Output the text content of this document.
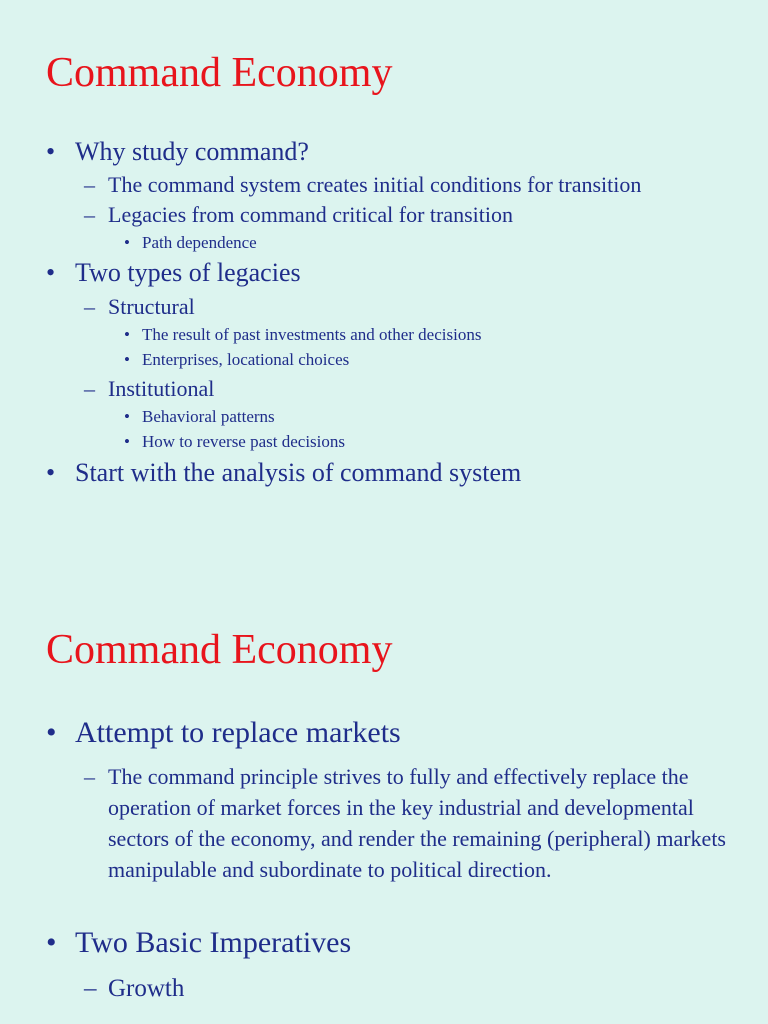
Command Economy
• Why study command?
– The command system creates initial conditions for transition
– Legacies from command critical for transition
• Path dependence
• Two types of legacies
– Structural
• The result of past investments and other decisions
• Enterprises, locational choices
– Institutional
• Behavioral patterns
• How to reverse past decisions
• Start with the analysis of command system
Command Economy
• Attempt to replace markets
– The command principle strives to fully and effectively replace the operation of market forces in the key industrial and developmental sectors of the economy, and render the remaining (peripheral) markets manipulable and subordinate to political direction.
• Two Basic Imperatives
– Growth
